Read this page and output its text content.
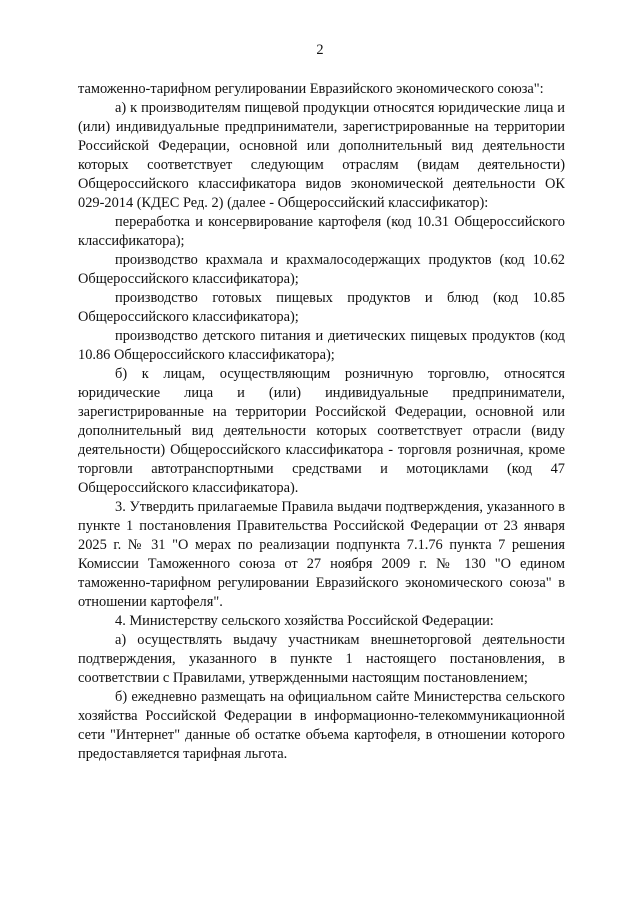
2

таможенно-тарифном регулировании Евразийского экономического союза":

а) к производителям пищевой продукции относятся юридические лица и (или) индивидуальные предприниматели, зарегистрированные на территории Российской Федерации, основной или дополнительный вид деятельности которых соответствует следующим отраслям (видам деятельности) Общероссийского классификатора видов экономической деятельности ОК 029-2014 (КДЕС Ред. 2) (далее - Общероссийский классификатор):

переработка и консервирование картофеля (код 10.31 Общероссийского классификатора);

производство крахмала и крахмалосодержащих продуктов (код 10.62 Общероссийского классификатора);

производство готовых пищевых продуктов и блюд (код 10.85 Общероссийского классификатора);

производство детского питания и диетических пищевых продуктов (код 10.86 Общероссийского классификатора);

б) к лицам, осуществляющим розничную торговлю, относятся юридические лица и (или) индивидуальные предприниматели, зарегистрированные на территории Российской Федерации, основной или дополнительный вид деятельности которых соответствует отрасли (виду деятельности) Общероссийского классификатора - торговля розничная, кроме торговли автотранспортными средствами и мотоциклами (код 47 Общероссийского классификатора).

3. Утвердить прилагаемые Правила выдачи подтверждения, указанного в пункте 1 постановления Правительства Российской Федерации от 23 января 2025 г. № 31 "О мерах по реализации подпункта 7.1.76 пункта 7 решения Комиссии Таможенного союза от 27 ноября 2009 г. № 130 "О едином таможенно-тарифном регулировании Евразийского экономического союза" в отношении картофеля".

4. Министерству сельского хозяйства Российской Федерации:

а) осуществлять выдачу участникам внешнеторговой деятельности подтверждения, указанного в пункте 1 настоящего постановления, в соответствии с Правилами, утвержденными настоящим постановлением;

б) ежедневно размещать на официальном сайте Министерства сельского хозяйства Российской Федерации в информационно-телекоммуникационной сети "Интернет" данные об остатке объема картофеля, в отношении которого предоставляется тарифная льгота.
